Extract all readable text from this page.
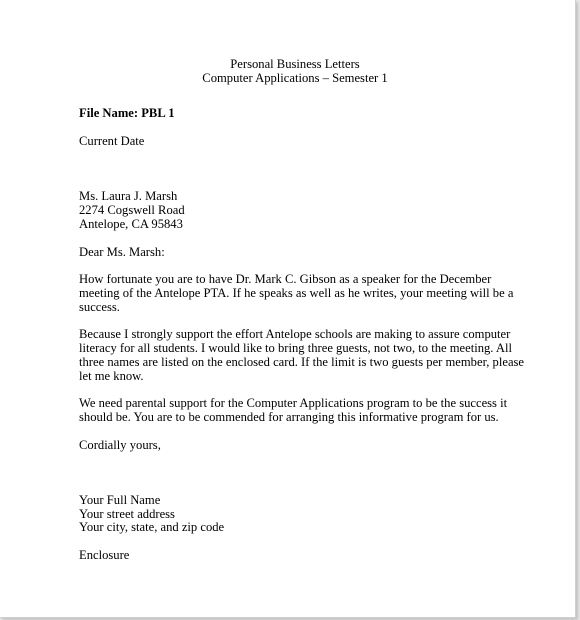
Personal Business Letters
Computer Applications – Semester 1
File Name: PBL 1
Current Date
Ms. Laura J. Marsh
2274 Cogswell Road
Antelope, CA 95843
Dear Ms. Marsh:
How fortunate you are to have Dr. Mark C. Gibson as a speaker for the December
meeting of the Antelope PTA. If he speaks as well as he writes, your meeting will be a
success.
Because I strongly support the effort Antelope schools are making to assure computer
literacy for all students. I would like to bring three guests, not two, to the meeting. All
three names are listed on the enclosed card. If the limit is two guests per member, please
let me know.
We need parental support for the Computer Applications program to be the success it
should be. You are to be commended for arranging this informative program for us.
Cordially yours,
Your Full Name
Your street address
Your city, state, and zip code
Enclosure
